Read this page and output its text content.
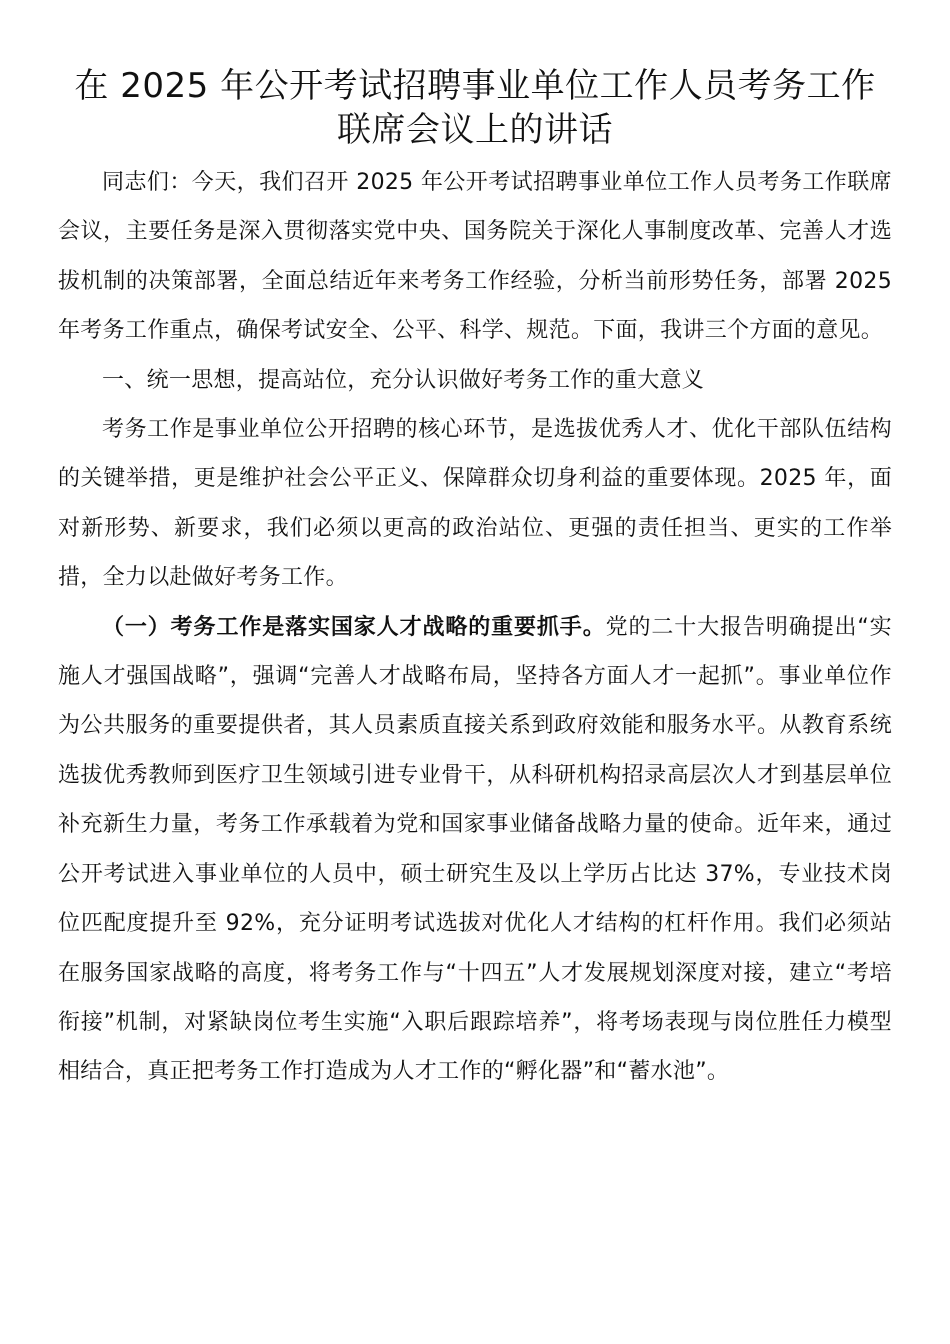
在 2025 年公开考试招聘事业单位工作人员考务工作联席会议上的讲话

同志们：今天，我们召开 2025 年公开考试招聘事业单位工作人员考务工作联席会议，主要任务是深入贯彻落实党中央、国务院关于深化人事制度改革、完善人才选拔机制的决策部署，全面总结近年来考务工作经验，分析当前形势任务，部署 2025 年考务工作重点，确保考试安全、公平、科学、规范。下面，我讲三个方面的意见。

一、统一思想，提高站位，充分认识做好考务工作的重大意义

考务工作是事业单位公开招聘的核心环节，是选拔优秀人才、优化干部队伍结构的关键举措，更是维护社会公平正义、保障群众切身利益的重要体现。2025 年，面对新形势、新要求，我们必须以更高的政治站位、更强的责任担当、更实的工作举措，全力以赴做好考务工作。

（一）考务工作是落实国家人才战略的重要抓手。党的二十大报告明确提出“实施人才强国战略”，强调“完善人才战略布局，坚持各方面人才一起抓”。事业单位作为公共服务的重要提供者，其人员素质直接关系到政府效能和服务水平。从教育系统选拔优秀教师到医疗卫生领域引进专业骨干，从科研机构招录高层次人才到基层单位补充新生力量，考务工作承载着为党和国家事业储备战略力量的使命。近年来，通过公开考试进入事业单位的人员中，硕士研究生及以上学历占比达 37%，专业技术岗位匹配度提升至 92%，充分证明考试选拔对优化人才结构的杠杆作用。我们必须站在服务国家战略的高度，将考务工作与“十四五”人才发展规划深度对接，建立“考培衔接”机制，对紧缺岗位考生实施“入职后跟踪培养”，将考场表现与岗位胜任力模型相结合，真正把考务工作打造成为人才工作的“孵化器”和“蓄水池”。
